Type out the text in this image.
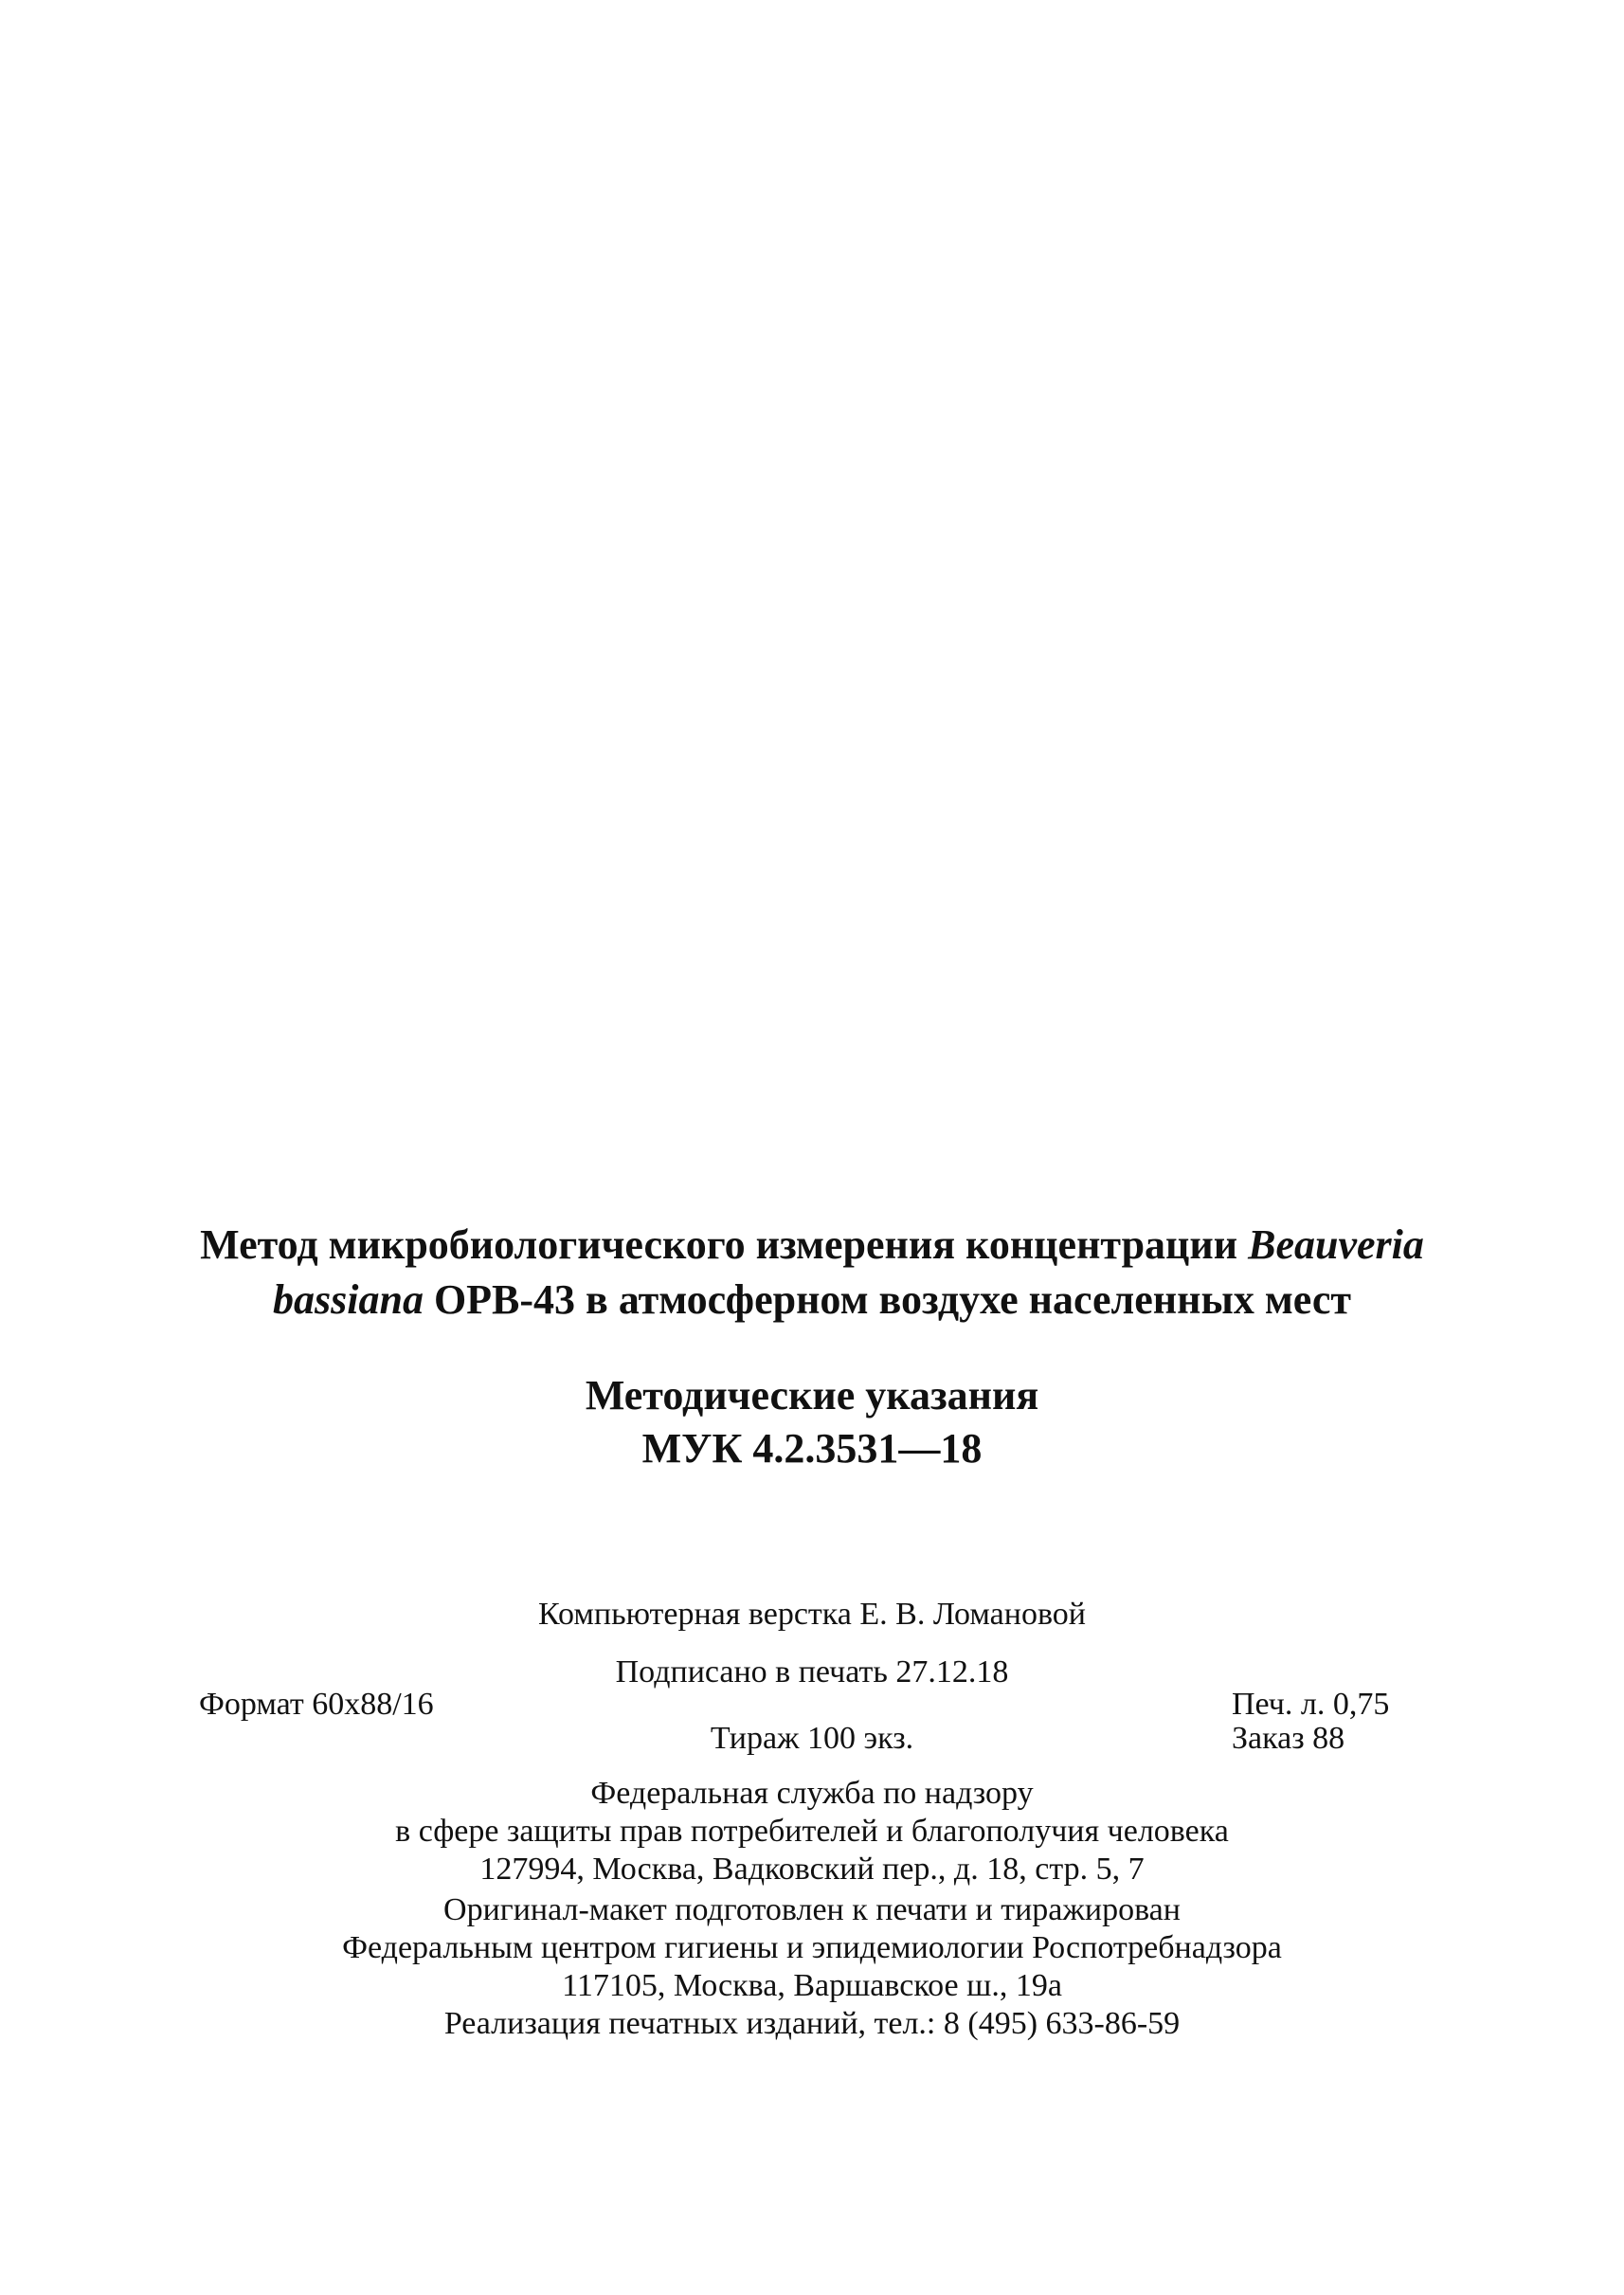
Метод микробиологического измерения концентрации Beauveria
bassiana ОРВ-43 в атмосферном воздухе населенных мест
Методические указания
МУК 4.2.3531—18
Компьютерная верстка Е. В. Ломановой
Подписано в печать 27.12.18
Формат 60x88/16	Печ. л. 0,75
Тираж 100 экз.	Заказ 88
Федеральная служба по надзору
в сфере защиты прав потребителей и благополучия человека
127994, Москва, Вадковский пер., д. 18, стр. 5, 7
Оригинал-макет подготовлен к печати и тиражирован
Федеральным центром гигиены и эпидемиологии Роспотребнадзора
117105, Москва, Варшавское ш., 19а
Реализация печатных изданий, тел.: 8 (495) 633-86-59
